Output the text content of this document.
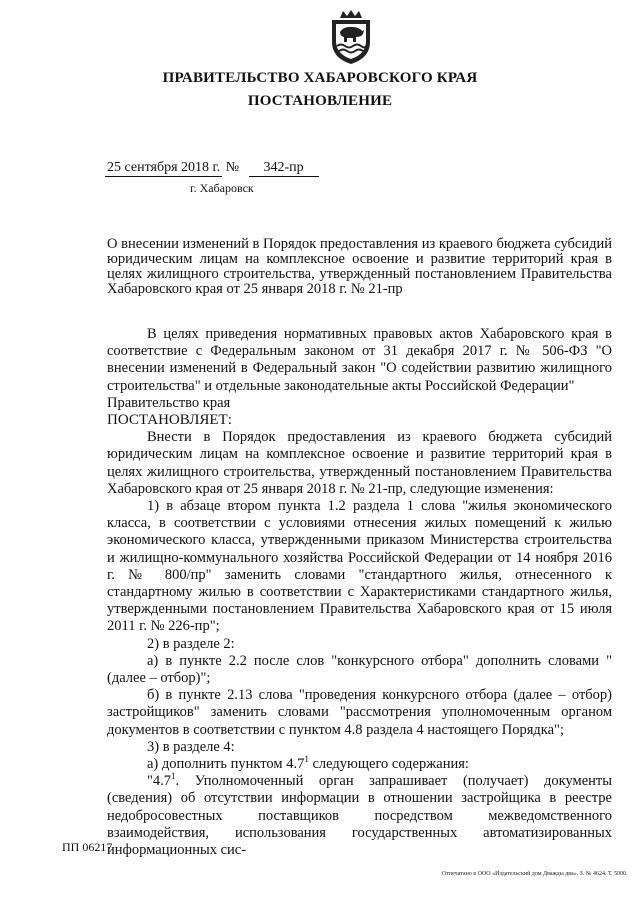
ПРАВИТЕЛЬСТВО ХАБАРОВСКОГО КРАЯ
ПОСТАНОВЛЕНИЕ
25 сентября 2018 г. № 342-пр
г. Хабаровск
О внесении изменений в Порядок предоставления из краевого бюджета субсидий юридическим лицам на комплексное освоение и развитие территорий края в целях жилищного строительства, утвержденный постановлением Правительства Хабаровского края от 25 января 2018 г. № 21-пр

В целях приведения нормативных правовых актов Хабаровского края в соответствие с Федеральным законом от 31 декабря 2017 г. № 506-ФЗ "О внесении изменений в Федеральный закон "О содействии развитию жилищного строительства" и отдельные законодательные акты Российской Федерации"

Правительство края

ПОСТАНОВЛЯЕТ:

Внести в Порядок предоставления из краевого бюджета субсидий юридическим лицам на комплексное освоение и развитие территорий края в целях жилищного строительства, утвержденный постановлением Правительства Хабаровского края от 25 января 2018 г. № 21-пр, следующие изменения:

1) в абзаце втором пункта 1.2 раздела 1 слова "жилья экономического класса, в соответствии с условиями отнесения жилых помещений к жилью экономического класса, утвержденными приказом Министерства строительства и жилищно-коммунального хозяйства Российской Федерации от 14 ноября 2016 г. № 800/пр" заменить словами "стандартного жилья, отнесенного к стандартному жилью в соответствии с Характеристиками стандартного жилья, утвержденными постановлением Правительства Хабаровского края от 15 июля 2011 г. № 226-пр";

2) в разделе 2:

а) в пункте 2.2 после слов "конкурсного отбора" дополнить словами "(далее – отбор)";

б) в пункте 2.13 слова "проведения конкурсного отбора (далее – отбор) застройщиков" заменить словами "рассмотрения уполномоченным органом документов в соответствии с пунктом 4.8 раздела 4 настоящего Порядка";

3) в разделе 4:

а) дополнить пунктом $4.7^1$ следующего содержания:

"$4.7^1$. Уполномоченный орган запрашивает (получает) документы (сведения) об отсутствии информации в отношении застройщика в реестре недобросовестных поставщиков посредством межведомственного взаимодействия, использования государственных автоматизированных информационных сис-

ПП 06217
Отпечатано в ООО «Издательский дом Дважды два». З. № 4624. Т. 5000.
